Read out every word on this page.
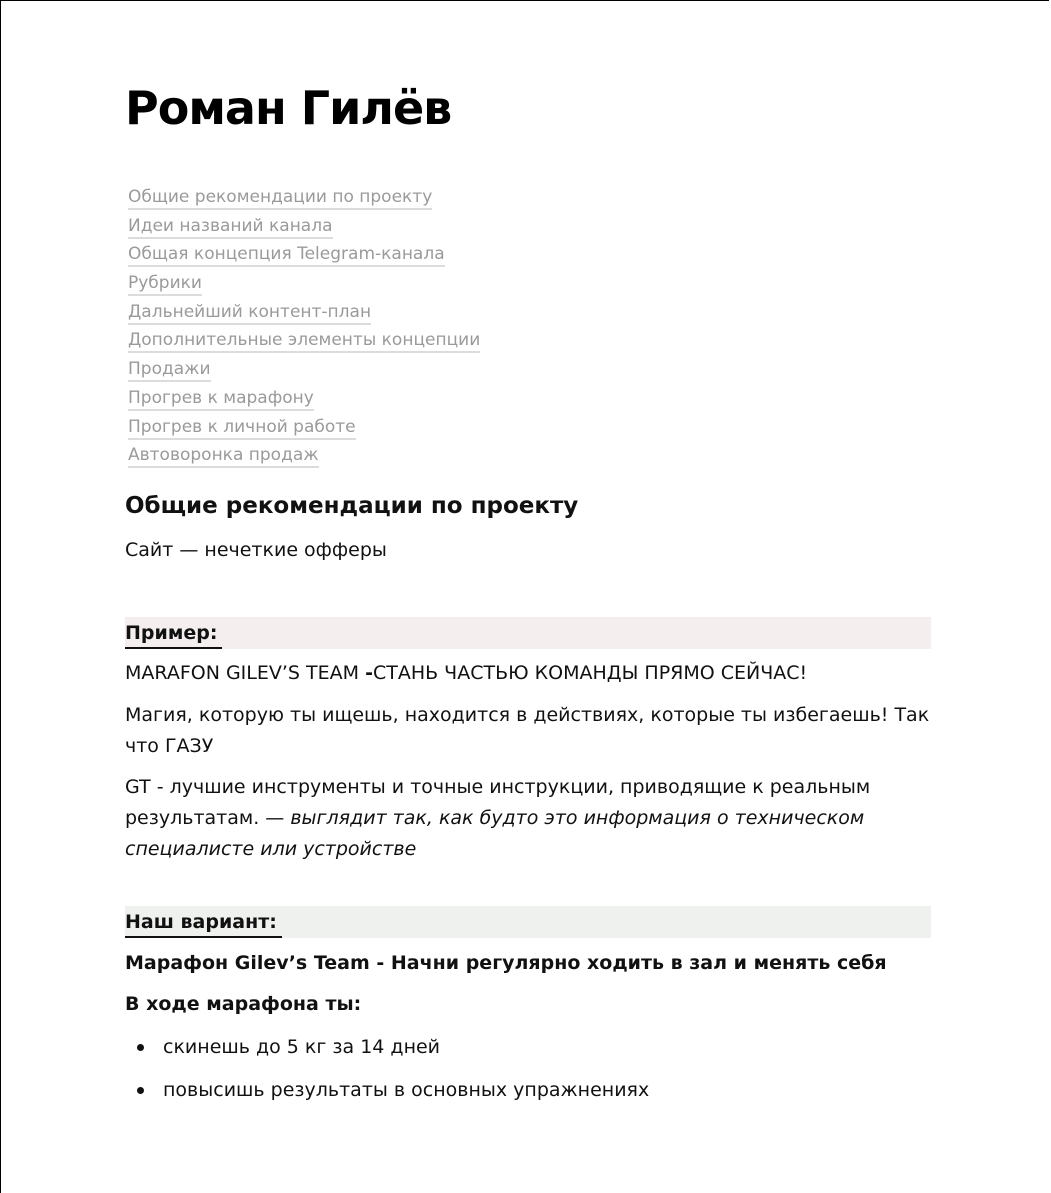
Роман Гилёв
Общие рекомендации по проекту
Идеи названий канала
Общая концепция Telegram-канала
Рубрики
Дальнейший контент-план
Дополнительные элементы концепции
Продажи
Прогрев к марафону
Прогрев к личной работе
Автоворонка продаж
Общие рекомендации по проекту

Сайт — нечеткие офферы

Пример:

MARAFON GILEV’S TEAM -СТАНЬ ЧАСТЬЮ КОМАНДЫ ПРЯМО СЕЙЧАС!

Магия, которую ты ищешь, находится в действиях, которые ты избегаешь! Так что ГАЗУ

GT - лучшие инструменты и точные инструкции, приводящие к реальным результатам. — выглядит так, как будто это информация о техническом специалисте или устройстве

Наш вариант:

Марафон Gilev’s Team - Начни регулярно ходить в зал и менять себя

В ходе марафона ты:

скинешь до 5 кг за 14 дней
повысишь результаты в основных упражнениях
